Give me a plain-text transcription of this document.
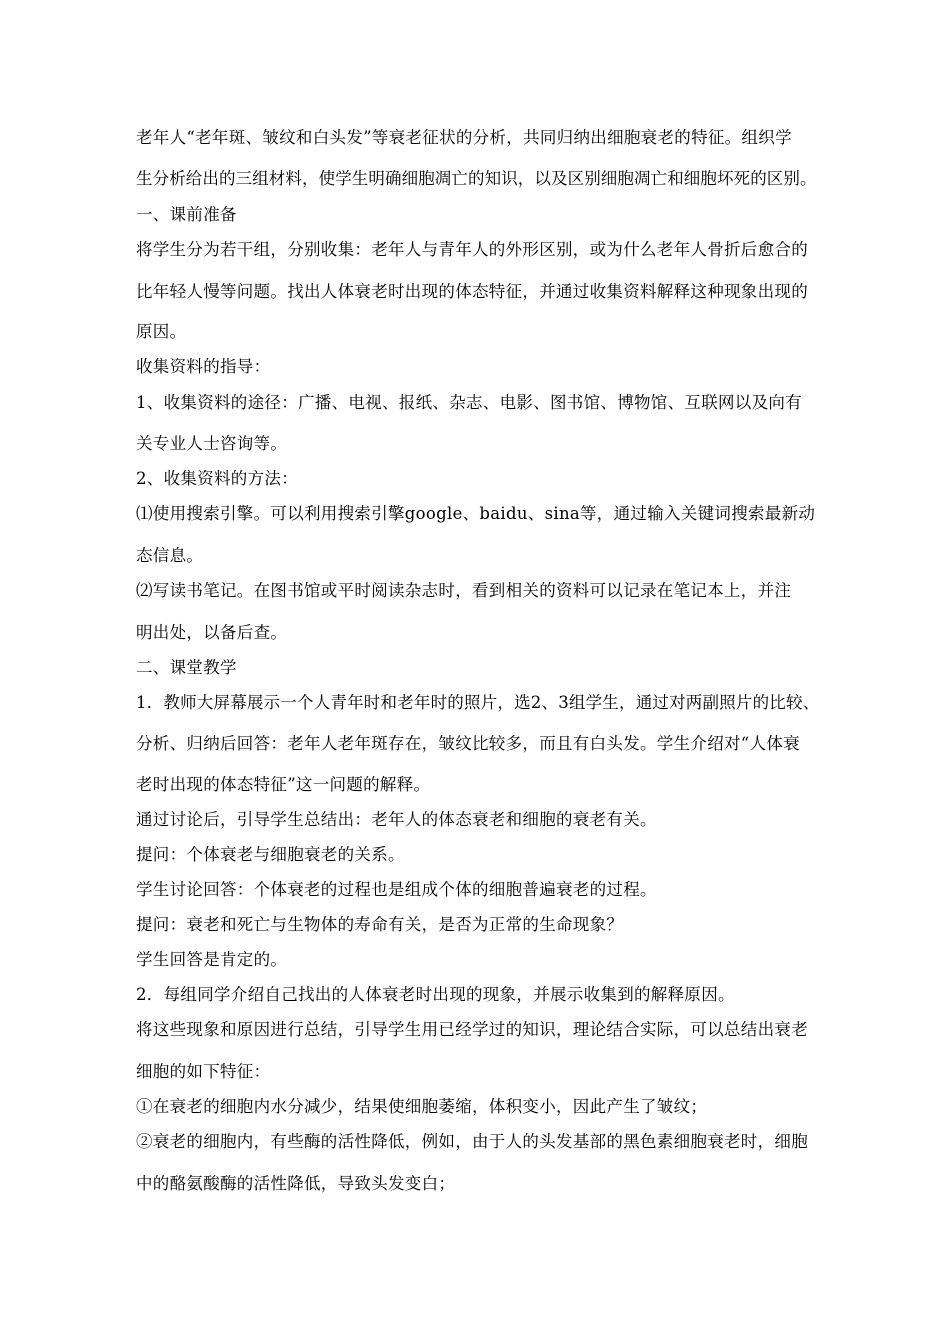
老年人“老年斑、皱纹和白头发”等衰老征状的分析，共同归纳出细胞衰老的特征。组织学
生分析给出的三组材料，使学生明确细胞凋亡的知识，以及区别细胞凋亡和细胞坏死的区别。
一、课前准备
将学生分为若干组，分别收集：老年人与青年人的外形区别，或为什么老年人骨折后愈合的
比年轻人慢等问题。找出人体衰老时出现的体态特征，并通过收集资料解释这种现象出现的
原因。
收集资料的指导：
1、收集资料的途径：广播、电视、报纸、杂志、电影、图书馆、博物馆、互联网以及向有
关专业人士咨询等。
2、收集资料的方法：
⑴使用搜索引擎。可以利用搜索引擎google、baidu、sina等，通过输入关键词搜索最新动
态信息。
⑵写读书笔记。在图书馆或平时阅读杂志时，看到相关的资料可以记录在笔记本上，并注
明出处，以备后查。
二、课堂教学
1．教师大屏幕展示一个人青年时和老年时的照片，选2、3组学生，通过对两副照片的比较、
分析、归纳后回答：老年人老年斑存在，皱纹比较多，而且有白头发。学生介绍对“人体衰
老时出现的体态特征”这一问题的解释。
通过讨论后，引导学生总结出：老年人的体态衰老和细胞的衰老有关。
提问：个体衰老与细胞衰老的关系。
学生讨论回答：个体衰老的过程也是组成个体的细胞普遍衰老的过程。
提问：衰老和死亡与生物体的寿命有关，是否为正常的生命现象？
学生回答是肯定的。
2．每组同学介绍自己找出的人体衰老时出现的现象，并展示收集到的解释原因。
将这些现象和原因进行总结，引导学生用已经学过的知识，理论结合实际，可以总结出衰老
细胞的如下特征：
①在衰老的细胞内水分减少，结果使细胞萎缩，体积变小，因此产生了皱纹；
②衰老的细胞内，有些酶的活性降低，例如，由于人的头发基部的黑色素细胞衰老时，细胞
中的酪氨酸酶的活性降低，导致头发变白；
